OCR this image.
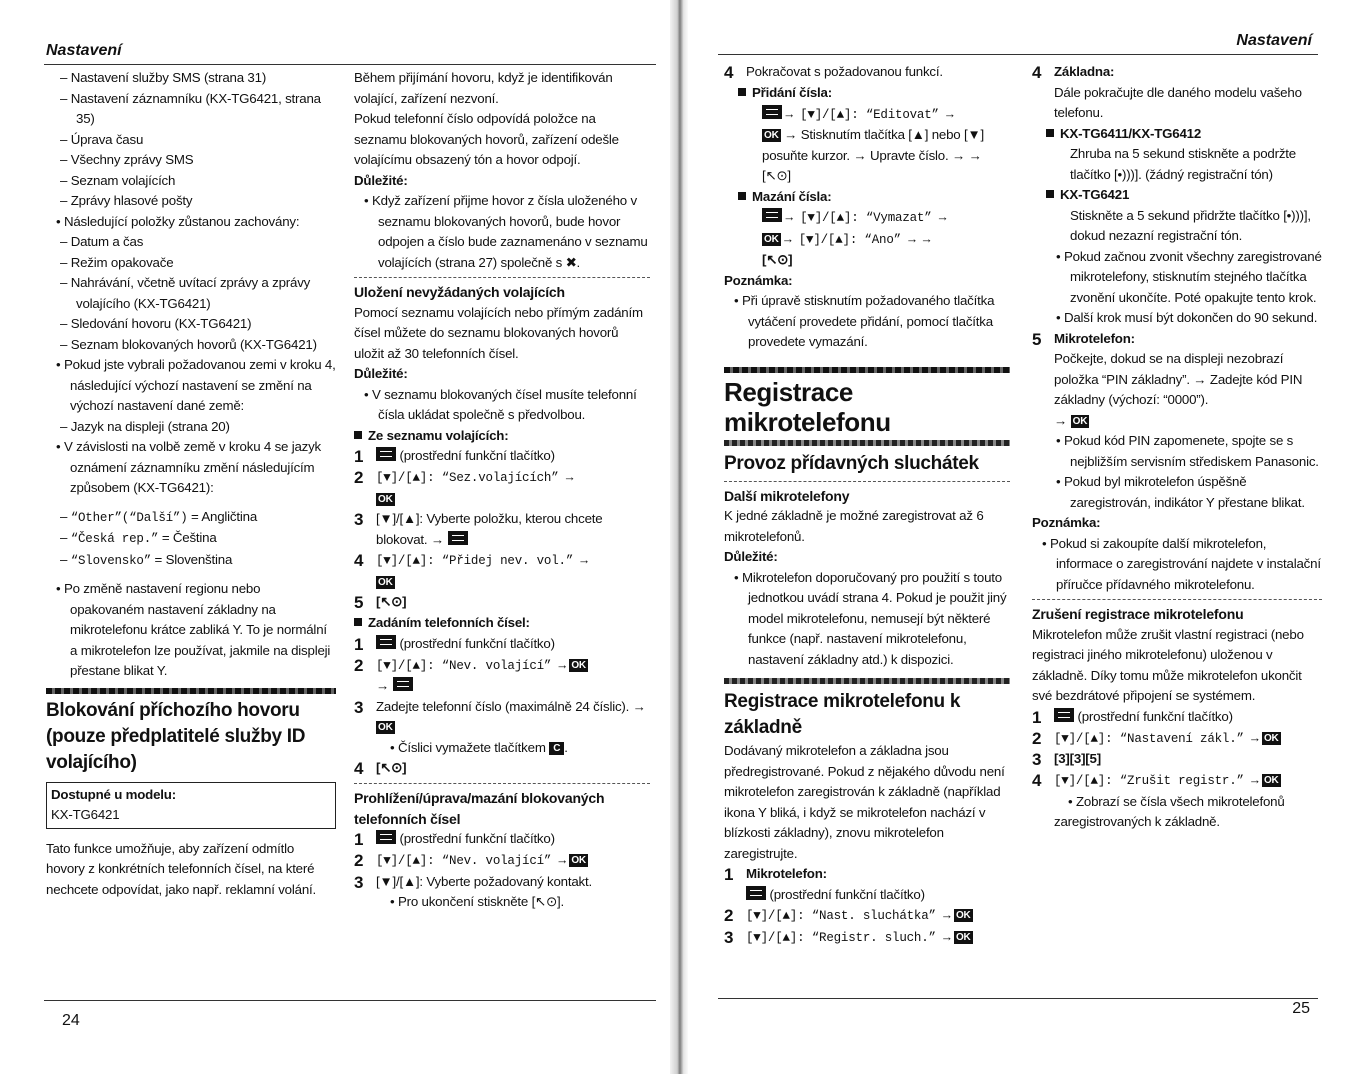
Nastavení

– Nastavení služby SMS (strana 31)

– Nastavení záznamníku (KX-TG6421, strana 35)

– Úprava času

– Všechny zprávy SMS

– Seznam volajících

– Zprávy hlasové pošty

• Následující položky zůstanou zachovány:

– Datum a čas

– Režim opakovače

– Nahrávání, včetně uvítací zprávy a zprávy volajícího (KX-TG6421)

– Sledování hovoru (KX-TG6421)

– Seznam blokovaných hovorů (KX-TG6421)

• Pokud jste vybrali požadovanou zemi v kroku 4, následující výchozí nastavení se změní na výchozí nastavení dané země:

– Jazyk na displeji (strana 20)

• V závislosti na volbě země v kroku 4 se jazyk oznámení záznamníku změní následujícím způsobem (KX-TG6421):

– “Other”(“Další”) = Angličtina

– “Česká rep.” = Čeština

– “Slovensko” = Slovenština

• Po změně nastavení regionu nebo opakovaném nastavení základny na mikrotelefonu krátce zabliká Y. To je normální a mikrotelefon lze používat, jakmile na displeji přestane blikat Y.

Blokování příchozího hovoru (pouze předplatitelé služby ID volajícího)
Dostupné u modelu:
KX-TG6421

Tato funkce umožňuje, aby zařízení odmítlo hovory z konkrétních telefonních čísel, na které nechcete odpovídat, jako např. reklamní volání.

Během přijímání hovoru, když je identifikován volající, zařízení nezvoní.

Pokud telefonní číslo odpovídá položce na seznamu blokovaných hovorů, zařízení odešle volajícímu obsazený tón a hovor odpojí.

Důležité:

• Když zařízení přijme hovor z čísla uloženého v seznamu blokovaných hovorů, bude hovor odpojen a číslo bude zaznamenáno v seznamu volajících (strana 27) společně s ✖.

Uložení nevyžádaných volajících

Pomocí seznamu volajících nebo přímým zadáním čísel můžete do seznamu blokovaných hovorů uložit až 30 telefonních čísel.

Důležité:

• V seznamu blokovaných čísel musíte telefonní čísla ukládat společně s předvolbou.

Ze seznamu volajících:

1	(prostřední funkční tlačítko)
2	[▼]/[▲]: “Sez.volajících” →
OK
3 [▼]/[▲]: Vyberte položku, kterou chcete blokovat. →
4	[▼]/[▲]: “Přidej nev. vol.” →
OK
5 [↖⊙]

Zadáním telefonních čísel:

1	(prostřední funkční tlačítko)
2	[▼]/[▲]: “Nev. volající” → OK
→
3 Zadejte telefonní číslo (maximálně 24 číslic). → OK
• Číslici vymažete tlačítkem C .
4 [↖⊙]

Prohlížení/úprava/mazání blokovaných telefonních čísel

1	(prostřední funkční tlačítko)
2	[▼]/[▲]: “Nev. volající” → OK
3 [▼]/[▲]: Vyberte požadovaný kontakt.
• Pro ukončení stiskněte [↖⊙].
24
Nastavení
4 Pokračovat s požadovanou funkcí.

Přidání čísla:

→ [▼]/[▲]: “Editovat” →

OK → Stisknutím tlačítka [▲] nebo [▼] posuňte kurzor. → Upravte číslo. → → [↖⊙]

Mazání čísla:

→ [▼]/[▲]: “Vymazat” →

OK → [▼]/[▲]: “Ano” → →

[↖⊙]

Poznámka:

• Při úpravě stisknutím požadovaného tlačítka vytáčení provedete přidání, pomocí tlačítka provedete vymazání.

Registrace mikrotelefonu
Provoz přídavných sluchátek

Další mikrotelefony

K jedné základně je možné zaregistrovat až 6 mikrotelefonů.

Důležité:

• Mikrotelefon doporučovaný pro použití s touto jednotkou uvádí strana 4. Pokud je použit jiný model mikrotelefonu, nemusejí být některé funkce (např. nastavení mikrotelefonu, nastavení základny atd.) k dispozici.

Registrace mikrotelefonu k základně

Dodávaný mikrotelefon a základna jsou předregistrované. Pokud z nějakého důvodu není mikrotelefon zaregistrován k základně (například ikona Y bliká, i když se mikrotelefon nachází v blízkosti základny), znovu mikrotelefon zaregistrujte.

1 Mikrotelefon:
(prostřední funkční tlačítko)
2	[▼]/[▲]: “Nast. sluchátka” → OK
3	[▼]/[▲]: “Registr. sluch.” → OK
4 Základna:
Dále pokračujte dle daného modelu vašeho telefonu.

KX-TG6411/KX-TG6412

Zhruba na 5 sekund stiskněte a podržte tlačítko [•)))]. (žádný registrační tón)

KX-TG6421

Stiskněte a 5 sekund přidržte tlačítko [•)))], dokud nezazní registrační tón.

• Pokud začnou zvonit všechny zaregistrované mikrotelefony, stisknutím stejného tlačítka zvonění ukončíte. Poté opakujte tento krok.

• Další krok musí být dokončen do 90 sekund.

5 Mikrotelefon:
Počkejte, dokud se na displeji nezobrazí položka “PIN základny”. → Zadejte kód PIN základny (výchozí: “0000”).
→ OK

• Pokud kód PIN zapomenete, spojte se s nejbližším servisním střediskem Panasonic.

• Pokud byl mikrotelefon úspěšně zaregistrován, indikátor Y přestane blikat.

Poznámka:

• Pokud si zakoupíte další mikrotelefon, informace o zaregistrování najdete v instalační příručce přídavného mikrotelefonu.

Zrušení registrace mikrotelefonu

Mikrotelefon může zrušit vlastní registraci (nebo registraci jiného mikrotelefonu) uloženou v základně. Díky tomu může mikrotelefon ukončit své bezdrátové připojení se systémem.

1	(prostřední funkční tlačítko)
2	[▼]/[▲]: “Nastavení zákl.” → OK
3 [3][3][5]
4	[▼]/[▲]: “Zrušit registr.” → OK
• Zobrazí se čísla všech mikrotelefonů zaregistrovaných k základně.
25
